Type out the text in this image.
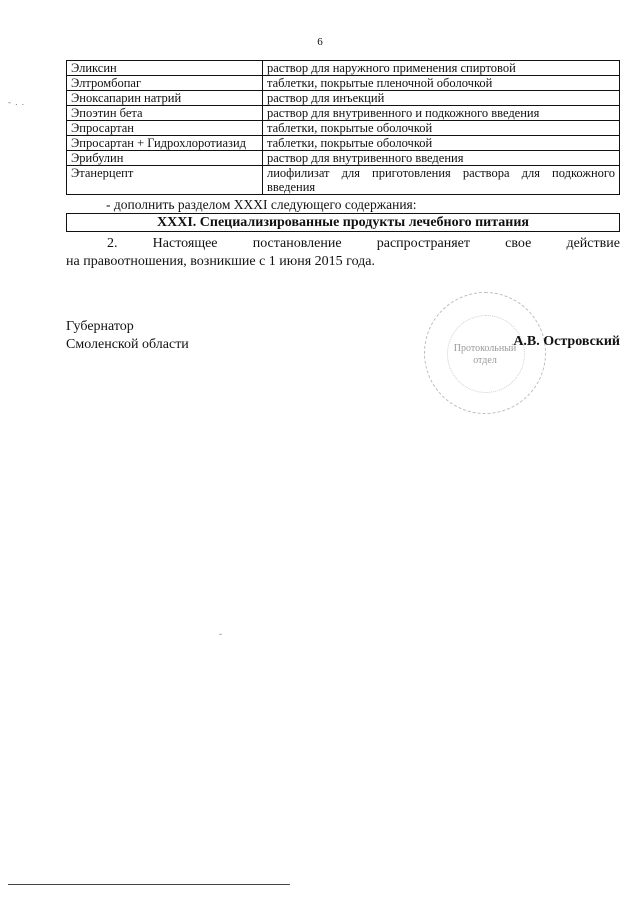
6
- . .
Эликсин	раствор для наружного применения спиртовой
Элтромбопаг	таблетки, покрытые пленочной оболочкой
Эноксапарин натрий	раствор для инъекций
Эпоэтин бета	раствор для внутривенного и подкожного введения
Эпросартан	таблетки, покрытые оболочкой
Эпросартан + Гидрохлоротиазид	таблетки, покрытые оболочкой
Эрибулин	раствор для внутривенного введения
Этанерцепт	лиофилизат для приготовления раствора для подкожного введения
- дополнить разделом XXXI следующего содержания:
XXXI. Специализированные продукты лечебного питания
2.	Настоящее	постановление	распространяет	свое	действие
на правоотношения, возникшие с 1 июня 2015 года.
Губернатор
Смоленской области	Протокольный
отдел
А.В. Островский
ˇ
